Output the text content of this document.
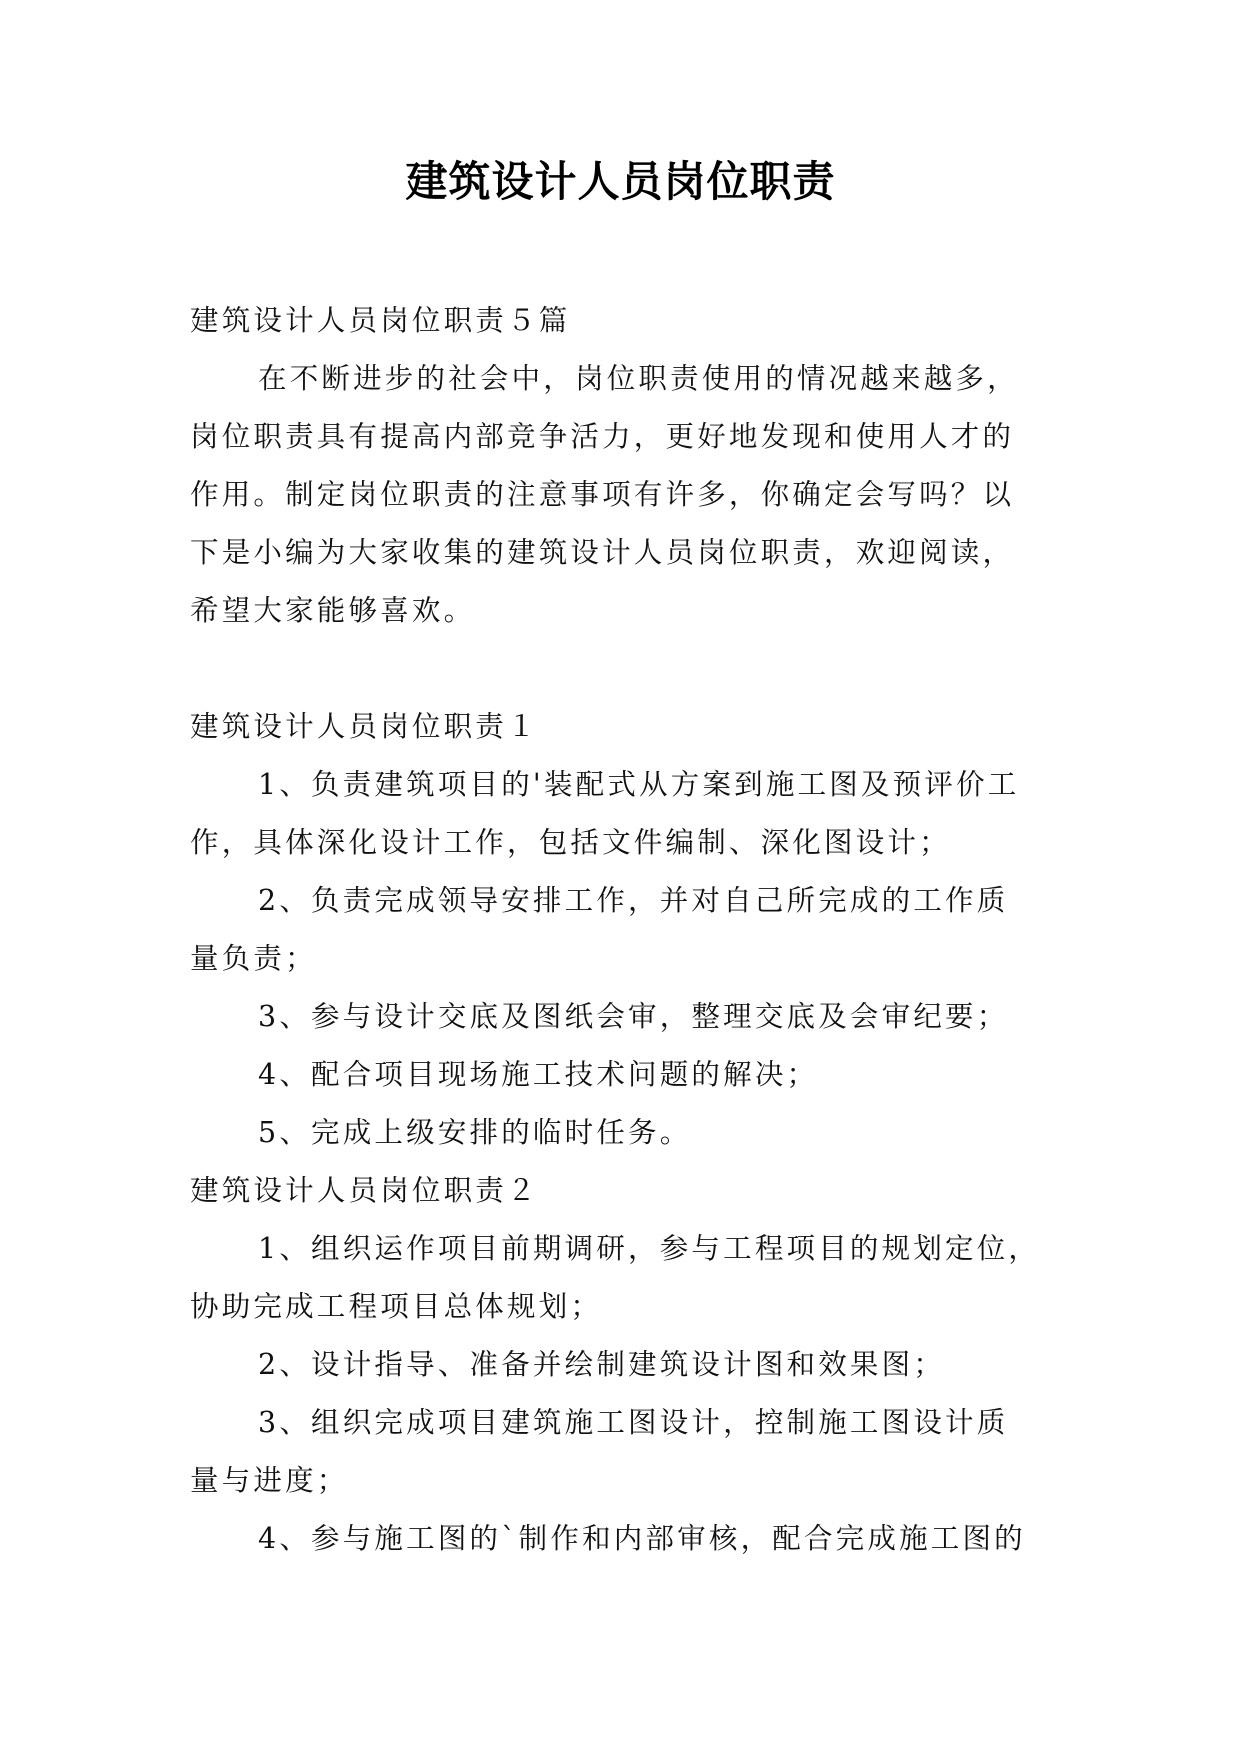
建筑设计人员岗位职责

建筑设计人员岗位职责５篇

在不断进步的社会中，岗位职责使用的情况越来越多，

岗位职责具有提高内部竞争活力，更好地发现和使用人才的

作用。制定岗位职责的注意事项有许多，你确定会写吗？以

下是小编为大家收集的建筑设计人员岗位职责，欢迎阅读，

希望大家能够喜欢。

建筑设计人员岗位职责１

1、负责建筑项目的'装配式从方案到施工图及预评价工

作，具体深化设计工作，包括文件编制、深化图设计；

2、负责完成领导安排工作，并对自己所完成的工作质

量负责；

3、参与设计交底及图纸会审，整理交底及会审纪要；

4、配合项目现场施工技术问题的解决；

5、完成上级安排的临时任务。

建筑设计人员岗位职责２

1、组织运作项目前期调研，参与工程项目的规划定位，

协助完成工程项目总体规划；

2、设计指导、准备并绘制建筑设计图和效果图；

3、组织完成项目建筑施工图设计，控制施工图设计质

量与进度；

4、参与施工图的`制作和内部审核，配合完成施工图的
